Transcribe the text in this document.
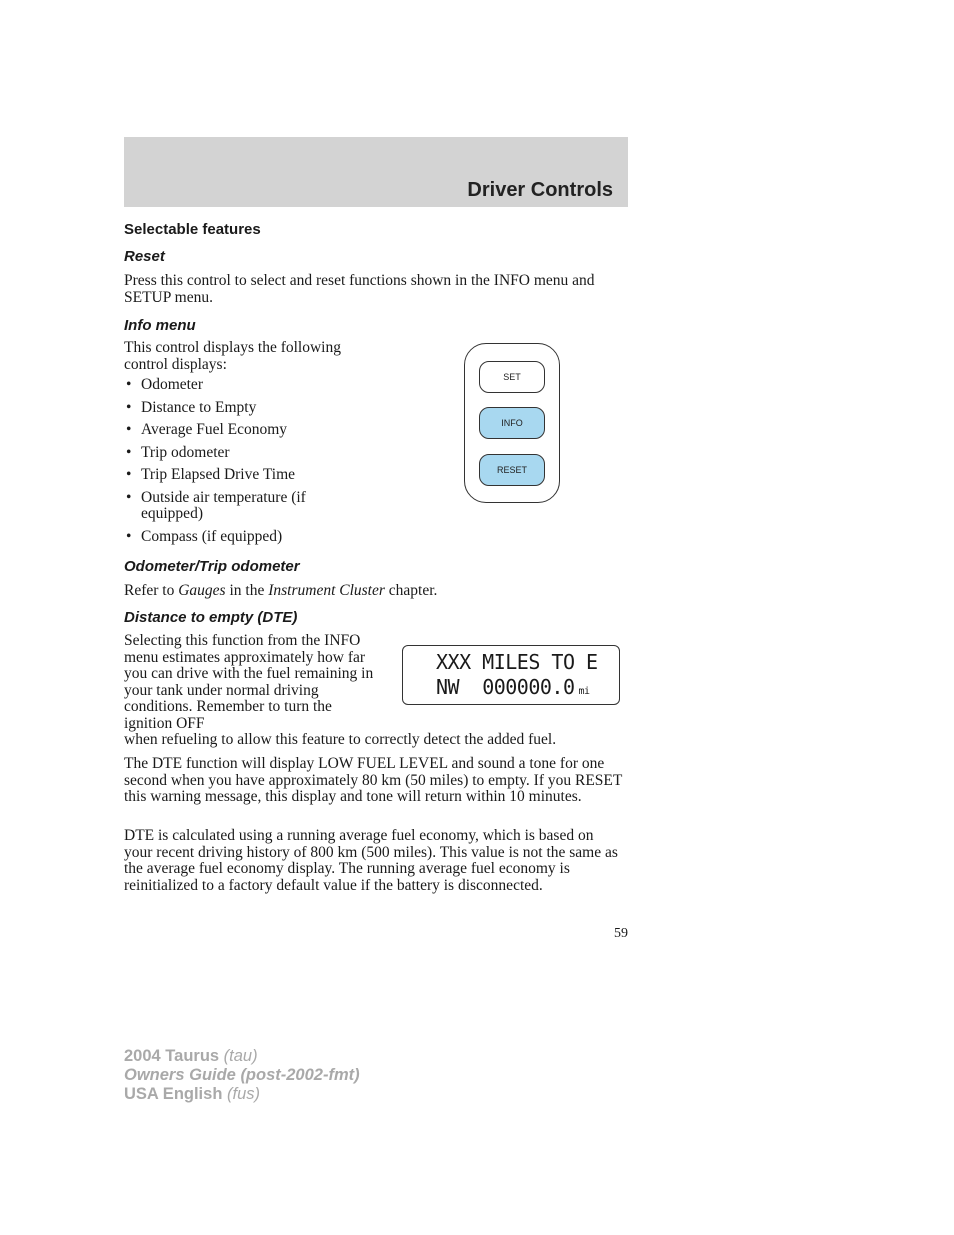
Driver Controls
Selectable features
Reset
Press this control to select and reset functions shown in the INFO menu and SETUP menu.
Info menu
This control displays the following control displays:
• Odometer
• Distance to Empty
• Average Fuel Economy
• Trip odometer
• Trip Elapsed Drive Time
• Outside air temperature (if equipped)
• Compass (if equipped)
SET
INFO
RESET
Odometer/Trip odometer
Refer to Gauges in the Instrument Cluster chapter.
Distance to empty (DTE)
Selecting this function from the INFO menu estimates approximately how far you can drive with the fuel remaining in your tank under normal driving conditions. Remember to turn the ignition OFF
when refueling to allow this feature to correctly detect the added fuel.
XXX MILES TO E
NW 000000.0 mi
The DTE function will display LOW FUEL LEVEL and sound a tone for one second when you have approximately 80 km (50 miles) to empty. If you RESET this warning message, this display and tone will return within 10 minutes.
DTE is calculated using a running average fuel economy, which is based on your recent driving history of 800 km (500 miles). This value is not the same as the average fuel economy display. The running average fuel economy is reinitialized to a factory default value if the battery is disconnected.
59
2004 Taurus (tau)
Owners Guide (post-2002-fmt)
USA English (fus)
